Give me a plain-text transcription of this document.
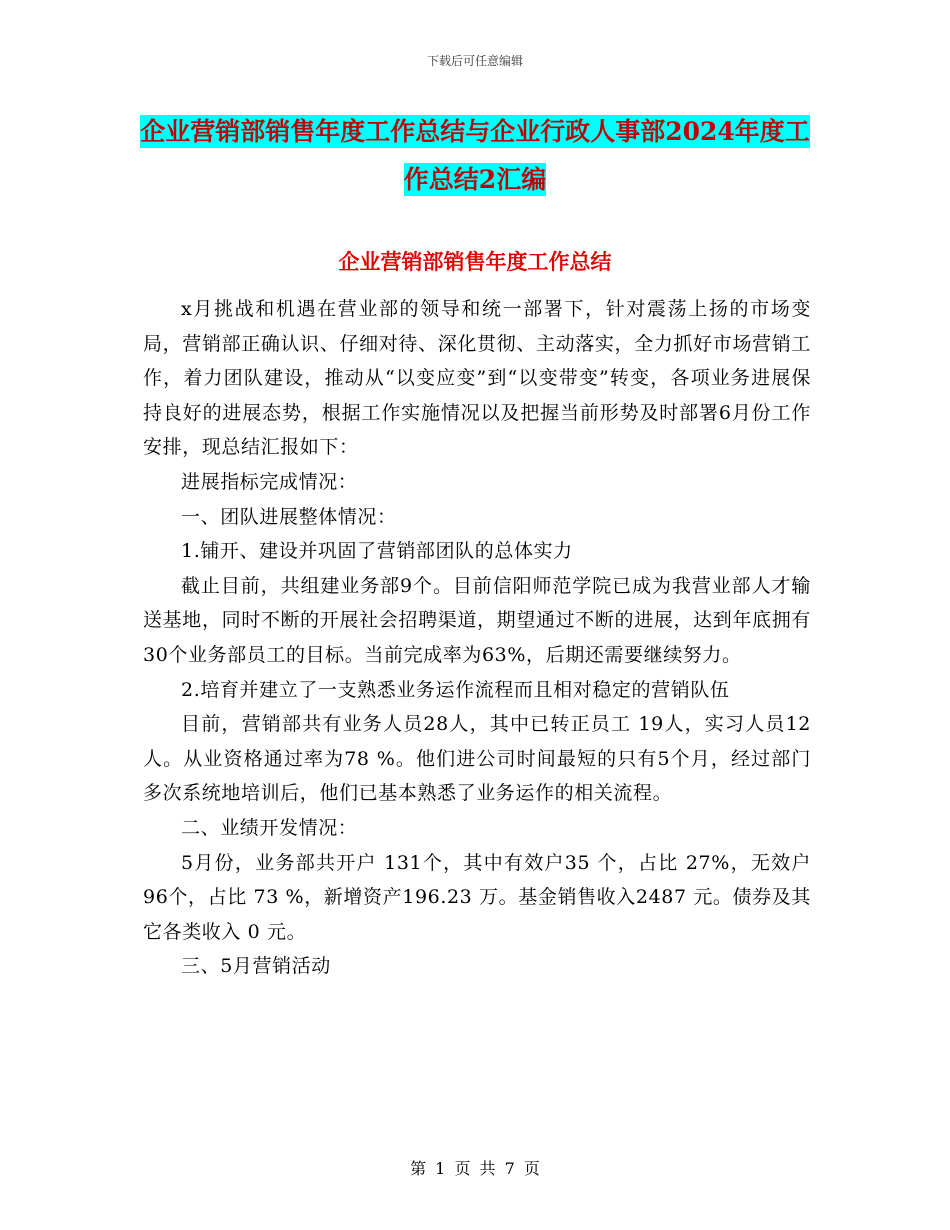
下载后可任意编辑
企业营销部销售年度工作总结与企业行政人事部2024年度工作总结2汇编
企业营销部销售年度工作总结

x月挑战和机遇在营业部的领导和统一部署下，针对震荡上扬的市场变局，营销部正确认识、仔细对待、深化贯彻、主动落实，全力抓好市场营销工作，着力团队建设，推动从“以变应变”到“以变带变”转变，各项业务进展保持良好的进展态势，根据工作实施情况以及把握当前形势及时部署6月份工作安排，现总结汇报如下：

进展指标完成情况：

一、团队进展整体情况：

1.铺开、建设并巩固了营销部团队的总体实力

截止目前，共组建业务部9个。目前信阳师范学院已成为我营业部人才输送基地，同时不断的开展社会招聘渠道，期望通过不断的进展，达到年底拥有30个业务部员工的目标。当前完成率为63%，后期还需要继续努力。

2.培育并建立了一支熟悉业务运作流程而且相对稳定的营销队伍

目前，营销部共有业务人员28人，其中已转正员工 19人，实习人员12人。从业资格通过率为78 %。他们进公司时间最短的只有5个月，经过部门多次系统地培训后，他们已基本熟悉了业务运作的相关流程。

二、业绩开发情况：

5月份，业务部共开户 131个，其中有效户35 个，占比 27%，无效户 96个，占比 73 %，新增资产196.23 万。基金销售收入2487 元。债券及其它各类收入 0 元。

三、5月营销活动

第 1 页 共 7 页
